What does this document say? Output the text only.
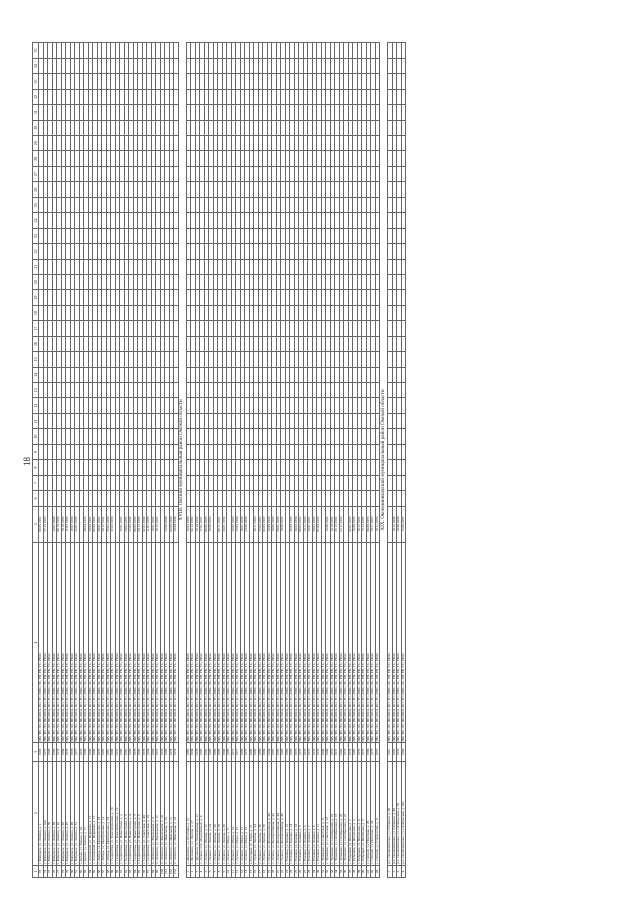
18
1	2	3	4	5	6	7	8	9	10	11	12	13	14	15	16	17	18	19	20	21	22	23	24	25	26	27	28	29	30	31	32	33	34	35
73	г. Бобровск, ул. Ленина, д. 2	1983	ПП, ТН, ЭО, ПР, ШСА, ВО, ТС, МВС, ЭС, РП, РВ, ТС, РВАС	08.05.1992																														
74	г. Бобровск, ул. Ленина, д. 32б	1975	ПП, ТН, ЭО, ПР, ШСА, ВО, ТС, МВС, ЭС, РП, РВ, ТС, РВАС	27.12.1993																														
75	г. Бобровск, ул. Ленина, д. 36	1980	ПП, ТН, ЭО, ПР, ШСА, ВО, ТС, МВС, ЭС, РП, РВ, ТС, РВАС																															
76	г. Бобровск, ул. Ленина, д. 40	1969	ПП, ТН, ЭО, ПР, ШСА, ВО, ТС, МВС, ЭС, РП, РВ, ТС, РВАС	16.07.2000																														
77	г. Бобровск, ул. Ленина, д. 42	1978	ПП, ТН, ЭО, ПР, ШСА, ВО, ТС, МВС, ЭС, РП, РВ, ТС, РВАС	08.10.1993																														
78	г. Бобровск, ул. Ленина, д. 45	1984	ПП, ТН, ЭО, ПР, ШСА, ВО, ТС, МВС, ЭС, РП, РВ, ТС, РВАС	18.10.1993																														
79	г. Бобровск, ул. Ленина, д. 47	1979	ПП, ТН, ЭО, ПР, ШСА, ВО, ТС, МВС, ЭС, РП, РВ, ТС, РВАС	17.07.1993																														
80	г. Бобровск, ул. Ленина, д. 49	1978	ПП, ТН, ЭО, ПР, ШСА, ВО, ТС, МВС, ЭС, РП, РВ, ТС, РВАС	19.07.1993																														
81	г. Бобровск, ул. Ленина, д. 51	1977	ПП, ТН, ЭО, ПР, ШСА, ВО, ТС, МВС, ЭС, РП, РВ, ТС, РВАС	25.01.1993																														
82	с. Крым, ул. Зорина, д. 16	1973	ПП, ТН, ЭО, ПР, ШСА, ВО, ТС, МВС, ЭС, РП, РВ, ТС, РВАС																															
83	с. Крым, ул. Зорина, д. 17	1988	ПП, ТН, ЭО, ПР, ШСА, ВО, ТС, МВС, ЭС, РП, РВ, ТС, РВАС	30.04.1993																														
84	с. Ачаирский, ул. Первомая, д. 13	1980	ПП, ТН, ЭО, ПР, ШСА, ВО, ТС, МВС, ЭС, РП, РВ, ТС, РВАС	20.05.1992																														
85	с. Ачаирский, ул. Первомая, д. 15	1986	ПП, ТН, ЭО, ПР, ШСА, ВО, ТС, МВС, ЭС, РП, РВ, ТС, РВАС	08.05.1992																														
86	с. Лебедь, ул. Центральная, д. 10	1979	ПП, ТН, ЭО, ПР, ШСА, ВО, ТС, МВС, ЭС, РП, РВ, ТС, РВАС	20.01.1992																														
87	с. Лебедь, ул. Центральная, д. 12	1982	ПП, ТН, ЭО, ПР, ШСА, ВО, ТС, МВС, ЭС, РП, РВ, ТС, РВАС	28.12.1992																														
88	с. Лебедь, ул. Центральная, д. 14	1981	ПП, ТН, ЭО, ПР, ШСА, ВО, ТС, МВС, ЭС, РП, РВ, ТС, РВАС	25.01.1993																														
89	с. Сыропятка, ул. Комсомольская, д. 10	1980	ПП, ТН, ЭО, ПР, ШСА, ВО, ТС, МВС, ЭС, РП, РВ, ТС, РВАС	22.02.1993																														
90	с. Сыропятка, ул. Комсомольская, д. 12	1972	ПП, ТН, ЭО, ПР, ШСА, ВО, ТС, МВС, ЭС, РП, РВ, ТС, РВАС																															
91	с. Сыропятка, ул. Новостроек, д. 2	1980	ПП, ТН, ЭО, ПР, ШСА, ВО, ТС, МВС, ЭС, РП, РВ, ТС, РВАС	29.01.1992																														
92	с. Сыропятка, ул. Новостроек, д. 3	1982	ПП, ТН, ЭО, ПР, ШСА, ВО, ТС, МВС, ЭС, РП, РВ, ТС, РВАС	20.02.1992																														
93	с. Сыропятка, ул. Новостроек, д. 4	1980	ПП, ТН, ЭО, ПР, ШСА, ВО, ТС, МВС, ЭС, РП, РВ, ТС, РВАС	22.02.1994																														
94	с. Сыропятка, ул. Новостроек, д. 5	1978	ПП, ТН, ЭО, ПР, ШСА, ВО, ТС, МВС, ЭС, РП, РВ, ТС, РВАС	08.05.1992																														
95	с. Сыропятка, ул. Новостроек, д. 6	1980	ПП, ТН, ЭО, ПР, ШСА, ВО, ТС, МВС, ЭС, РП, РВ, ТС, РВАС	20.12.1993																														
96	с. Сыропятка, ул. Советская, д. 40	1976	ПП, ТН, ЭО, ПР, ШСА, ВО, ТС, МВС, ЭС, РП, РВ, ТС, РВАС	02.01.1992																														
97	с. Сыропятка, ул. Советская, д. 19	1964	ПП, ТН, ЭО, ПР, ШСА, ВО, ТС, МВС, ЭС, РП, РВ, ТС, РВАС	11.01.1993																														
98	п. Любинск, ул. Вокзальная, д. 8	1968	ПП, ТН, ЭО, ПР, ШСА, ВО, ТС, МВС, ЭС, РП, РВ, ТС, РВАС	10.01.1992																														
99	п. Любинск, ул. Вокзальная, д. 12	1975	ПП, ТН, ЭО, ПР, ШСА, ВО, ТС, МВС, ЭС, РП, РВ, ТС, РВАС	16.12.1997																														
100	п. Любинск, ул. Вокзальная, д. 14	1976	ПП, ТН, ЭО, ПР, ШСА, ВО, ТС, МВС, ЭС, РП, РВ, ТС, РВАС																															
101	п. Любинск, ул. Школьная, д. 10	1968	ПП, ТН, ЭО, ПР, ШСА, ВО, ТС, МВС, ЭС, РП, РВ, ТС, РВАС	23.08.2000																														
102	п. Любинск, ул. Школьная, д. 12	1978	ПП, ТН, ЭО, ПР, ШСА, ВО, ТС, МВС, ЭС, РП, РВ, ТС, РВАС	03.09.1999																														
103	п. Любинск, ул. Школьная, д. 14	1974	ПП, ТН, ЭО, ПР, ШСА, ВО, ТС, МВС, ЭС, РП, РВ, ТС, РВАС	10.04.1994																														
XVIII. Омский муниципальный район Омской области																																		
1	с. Желанное, ул. К.Сизова, д. 12	1985	ПП, ТН, ЭО, ПР, ШСА, ВО, ТС, МВС, ЭС, РП, РВ, ТС, РВАС	16.03.1993																														
2	с. Желанное, ул. Ленина, д. 27	1984	ПП, ТН, ЭО, ПР, ШСА, ВО, ТС, МВС, ЭС, РП, РВ, ТС, РВАС	02.12.1992																														
3	с. Дружино, ул. Молодёжная, д. 12	1978	ПП, ТН, ЭО, ПР, ШСА, ВО, ТС, МВС, ЭС, РП, РВ, ТС, РВАС	16.10.1992																														
4	с. Лузино, пер. Молодёжный, д. 8	1985	ПП, ТН, ЭО, ПР, ШСА, ВО, ТС, МВС, ЭС, РП, РВ, ТС, РВАС	17.01.1991																														
5	с. Лузино, ул. Ленина, д. 22	1982	ПП, ТН, ЭО, ПР, ШСА, ВО, ТС, МВС, ЭС, РП, РВ, ТС, РВАС	06.05.1993																														
6	с. Лузино, ул. Ленина, д. 24	1986	ПП, ТН, ЭО, ПР, ШСА, ВО, ТС, МВС, ЭС, РП, РВ, ТС, РВАС	18.08.1993																														
7	с. Лузино, ул. Ленина, д. 26	1985	ПП, ТН, ЭО, ПР, ШСА, ВО, ТС, МВС, ЭС, РП, РВ, ТС, РВАС																															
8	с. Лузино, ул. Ленина, д. 28	1985	ПП, ТН, ЭО, ПР, ШСА, ВО, ТС, МВС, ЭС, РП, РВ, ТС, РВАС	06.11.1991																														
9	с. Лузино, ул. Ленина, д. 30	1983	ПП, ТН, ЭО, ПР, ШСА, ВО, ТС, МВС, ЭС, РП, РВ, ТС, РВАС	24.01.1992																														
10	с. Лузино, ул. Мира, д. 11	1986	ПП, ТН, ЭО, ПР, ШСА, ВО, ТС, МВС, ЭС, РП, РВ, ТС, РВАС																															
11	с. Лузино, ул. Мира, д. 13	1977	ПП, ТН, ЭО, ПР, ШСА, ВО, ТС, МВС, ЭС, РП, РВ, ТС, РВАС	23.07.1993																														
12	с. Лузино, ул. Мира, д. 15	1977	ПП, ТН, ЭО, ПР, ШСА, ВО, ТС, МВС, ЭС, РП, РВ, ТС, РВАС	13.05.1994																														
13	с. Лузино, ул. Мира, д. 17	1983	ПП, ТН, ЭО, ПР, ШСА, ВО, ТС, МВС, ЭС, РП, РВ, ТС, РВАС	18.01.1993																														
14	с. Лузино, ул. Мира, д. 19	1977	ПП, ТН, ЭО, ПР, ШСА, ВО, ТС, МВС, ЭС, РП, РВ, ТС, РВАС	23.06.2000																														
15	с. Ростовка, ул. Мира, д. 21	1985	ПП, ТН, ЭО, ПР, ШСА, ВО, ТС, МВС, ЭС, РП, РВ, ТС, РВАС																															
16	с. Лузино, ул. Ленина, д. 34	1985	ПП, ТН, ЭО, ПР, ШСА, ВО, ТС, МВС, ЭС, РП, РВ, ТС, РВАС	26.11.1993																														
17	с. Лузино, ул. Ленина, д. 36	1986	ПП, ТН, ЭО, ПР, ШСА, ВО, ТС, МВС, ЭС, РП, РВ, ТС, РВАС	25.03.1992																														
18	с. Лузино, ул. Ленина, д. 38	1984	ПП, ТН, ЭО, ПР, ШСА, ВО, ТС, МВС, ЭС, РП, РВ, ТС, РВАС	03.05.1997																														
19	с. Лузино, ул. Кооперативная, д. 40	1984	ПП, ТН, ЭО, ПР, ШСА, ВО, ТС, МВС, ЭС, РП, РВ, ТС, РВАС	19.08.1993																														
20	с. Лузино, ул. Кооперативная, д. 42	1987	ПП, ТН, ЭО, ПР, ШСА, ВО, ТС, МВС, ЭС, РП, РВ, ТС, РВАС	10.09.1993																														
21	с. Лузино, ул. Кооперативная, д. 44	1985	ПП, ТН, ЭО, ПР, ШСА, ВО, ТС, МВС, ЭС, РП, РВ, ТС, РВАС	20.01.1993																														
22	с. Лузино, ул. Кооперативная, д. 46	1980	ПП, ТН, ЭО, ПР, ШСА, ВО, ТС, МВС, ЭС, РП, РВ, ТС, РВАС	10.08.1992																														
23	с. Розовка, ул. Кирова, д. 12	1968	ПП, ТН, ЭО, ПР, ШСА, ВО, ТС, МВС, ЭС, РП, РВ, ТС, РВАС																															
24	с. Розовка, ул. Кирова, д. 14	1968	ПП, ТН, ЭО, ПР, ШСА, ВО, ТС, МВС, ЭС, РП, РВ, ТС, РВАС	26.08.1993																														
25	с. Розовка, ул. Кирова, д. 16	1976	ПП, ТН, ЭО, ПР, ШСА, ВО, ТС, МВС, ЭС, РП, РВ, ТС, РВАС	10.02.1993																														
26	с. Розовка, ул. Ленина, д. 3	1970	ПП, ТН, ЭО, ПР, ШСА, ВО, ТС, МВС, ЭС, РП, РВ, ТС, РВАС	08.03.1992																														
27	с. Розовка, ул. Ленина, д. 5	1976	ПП, ТН, ЭО, ПР, ШСА, ВО, ТС, МВС, ЭС, РП, РВ, ТС, РВАС	15.11.1993																														
28	с. Розовка, ул. Ленина, д. 7	1975	ПП, ТН, ЭО, ПР, ШСА, ВО, ТС, МВС, ЭС, РП, РВ, ТС, РВАС	14.01.1991																														
29	с. Розовка, ул. Ленина, д. 9	1973	ПП, ТН, ЭО, ПР, ШСА, ВО, ТС, МВС, ЭС, РП, РВ, ТС, РВАС	20.01.1992																														
30	с. Розовка, ул. Ленина, д. 11	1970	ПП, ТН, ЭО, ПР, ШСА, ВО, ТС, МВС, ЭС, РП, РВ, ТС, РВАС	07.04.1993																														
31	с. Троицкое, ул. Советская, д. 11	1984	ПП, ТН, ЭО, ПР, ШСА, ВО, ТС, МВС, ЭС, РП, РВ, ТС, РВАС																															
32	с. Троицкое, ул. Советская, д. 13	1980	ПП, ТН, ЭО, ПР, ШСА, ВО, ТС, МВС, ЭС, РП, РВ, ТС, РВАС	13.08.1993																														
33	с. Троицкое, ул. Октябрьская, д. 16	1976	ПП, ТН, ЭО, ПР, ШСА, ВО, ТС, МВС, ЭС, РП, РВ, ТС, РВАС	14.10.1992																														
34	с. Троицкое, ул. Октябрьская, д. 18	1972	ПП, ТН, ЭО, ПР, ШСА, ВО, ТС, МВС, ЭС, РП, РВ, ТС, РВАС	25.12.1992																														
35	с. Троицкое, ул. Октябрьская, д. 20	1982	ПП, ТН, ЭО, ПР, ШСА, ВО, ТС, МВС, ЭС, РП, РВ, ТС, РВАС	22.11.1992																														
36	с. Троицкое, ул. Октябрьская, д. 22	1973	ПП, ТН, ЭО, ПР, ШСА, ВО, ТС, МВС, ЭС, РП, РВ, ТС, РВАС																															
37	с. Ребровка, ул. Школьная, д. 2	1974	ПП, ТН, ЭО, ПР, ШСА, ВО, ТС, МВС, ЭС, РП, РВ, ТС, РВАС	05.01.1993																														
38	с. Ребровка, ул. Школьная, д. 3	1980	ПП, ТН, ЭО, ПР, ШСА, ВО, ТС, МВС, ЭС, РП, РВ, ТС, РВАС	16.08.1993																														
39	с. Ребровка, ул. Школьная, д. 4	1979	ПП, ТН, ЭО, ПР, ШСА, ВО, ТС, МВС, ЭС, РП, РВ, ТС, РВАС	16.12.1992																														
40	с. Ребровка, ул. Школьная, д. 5	1975	ПП, ТН, ЭО, ПР, ШСА, ВО, ТС, МВС, ЭС, РП, РВ, ТС, РВАС	13.12.1992																														
41	с. Омский, ул. Почтовая, д. 26	1986	ПП, ТН, ЭО, ПР, ШСА, ВО, ТС, МВС, ЭС, РП, РВ, ТС, РВАС	08.08.1995																														
42	с. Омский, ул. Почтовая, д. 28	1976	ПП, ТН, ЭО, ПР, ШСА, ВО, ТС, МВС, ЭС, РП, РВ, ТС, РВАС	19.11.1993																														
43	с. Омский, ул. Строителей, д. 11	1997	ПП, ТН, ЭО, ПР, ШСА, ВО, ТС, МВС, ЭС, РП, РВ, ТС, РВАС	18.11.1993																														
XIX. Оконешниковский муниципальный район Омской области																																		
1	р.п. Оконешниково, ул. Гагарина, д. 38	1961	ПП, ТН, ЭО, ПР, ШСА, ВО, ТС, МВС, ЭС, РП, РВ, ТС, РВАС																															
2	р.п. Оконешниково, ул. Гагарина, д. 40	1987	ПП, ТН, ЭО, ПР, ШСА, ВО, ТС, МВС, ЭС, РП, РВ, ТС, РВАС	10.12.2000																														
3	р.п. Оконешниково, ул. Октябрьская, д. 56	1979	ПП, ТН, ЭО, ПР, ШСА, ВО, ТС, МВС, ЭС, РП, РВ, ТС, РВАС	16.08.2004																														
4	р.п. Оконешниково, ул. Октябрьская, д. 56а	1980	ПП, ТН, ЭО, ПР, ШСА, ВО, ТС, МВС, ЭС, РП, РВ, ТС, РВАС	15.09.1995																														
